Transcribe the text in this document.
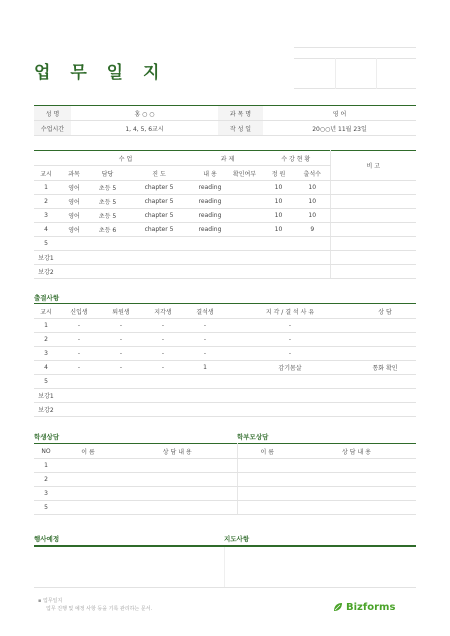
업 무 일 지
성 명	홍 ○ ○	과 목 명	영 어
수업시간	1, 4, 5, 6교시	작 성 일	20○○년 11월 23일
	수 업			과 제		수 강 현 황		비 고
교시	과목	담당	진 도	내 용	확인여부	정 원	출석수	
1	영어	초등 5	chapter 5	reading		10	10	
2	영어	초등 5	chapter 5	reading		10	10	
3	영어	초등 5	chapter 5	reading		10	10	
4	영어	초등 6	chapter 5	reading		10	9	
5								
보강1								
보강2								
출결사항
교시	신입생	퇴원생	지각생	결석생	지 각 / 결 석 사 유	상 담
1	-	-	-	-	-	
2	-	-	-	-	-	
3	-	-	-	-	-	
4	-	-	-	1	감기몸살	통화 확인
5						
보강1						
보강2						
학생상담	학부모상담
NO	이 름	상 담 내 용	이 름	상 담 내 용
1				
2				
3				
5				
행사예정	지도사항
▪ 업무일지
업무 진행 및 예정 사항 등을 기록 관리하는 문서.	Bizforms
